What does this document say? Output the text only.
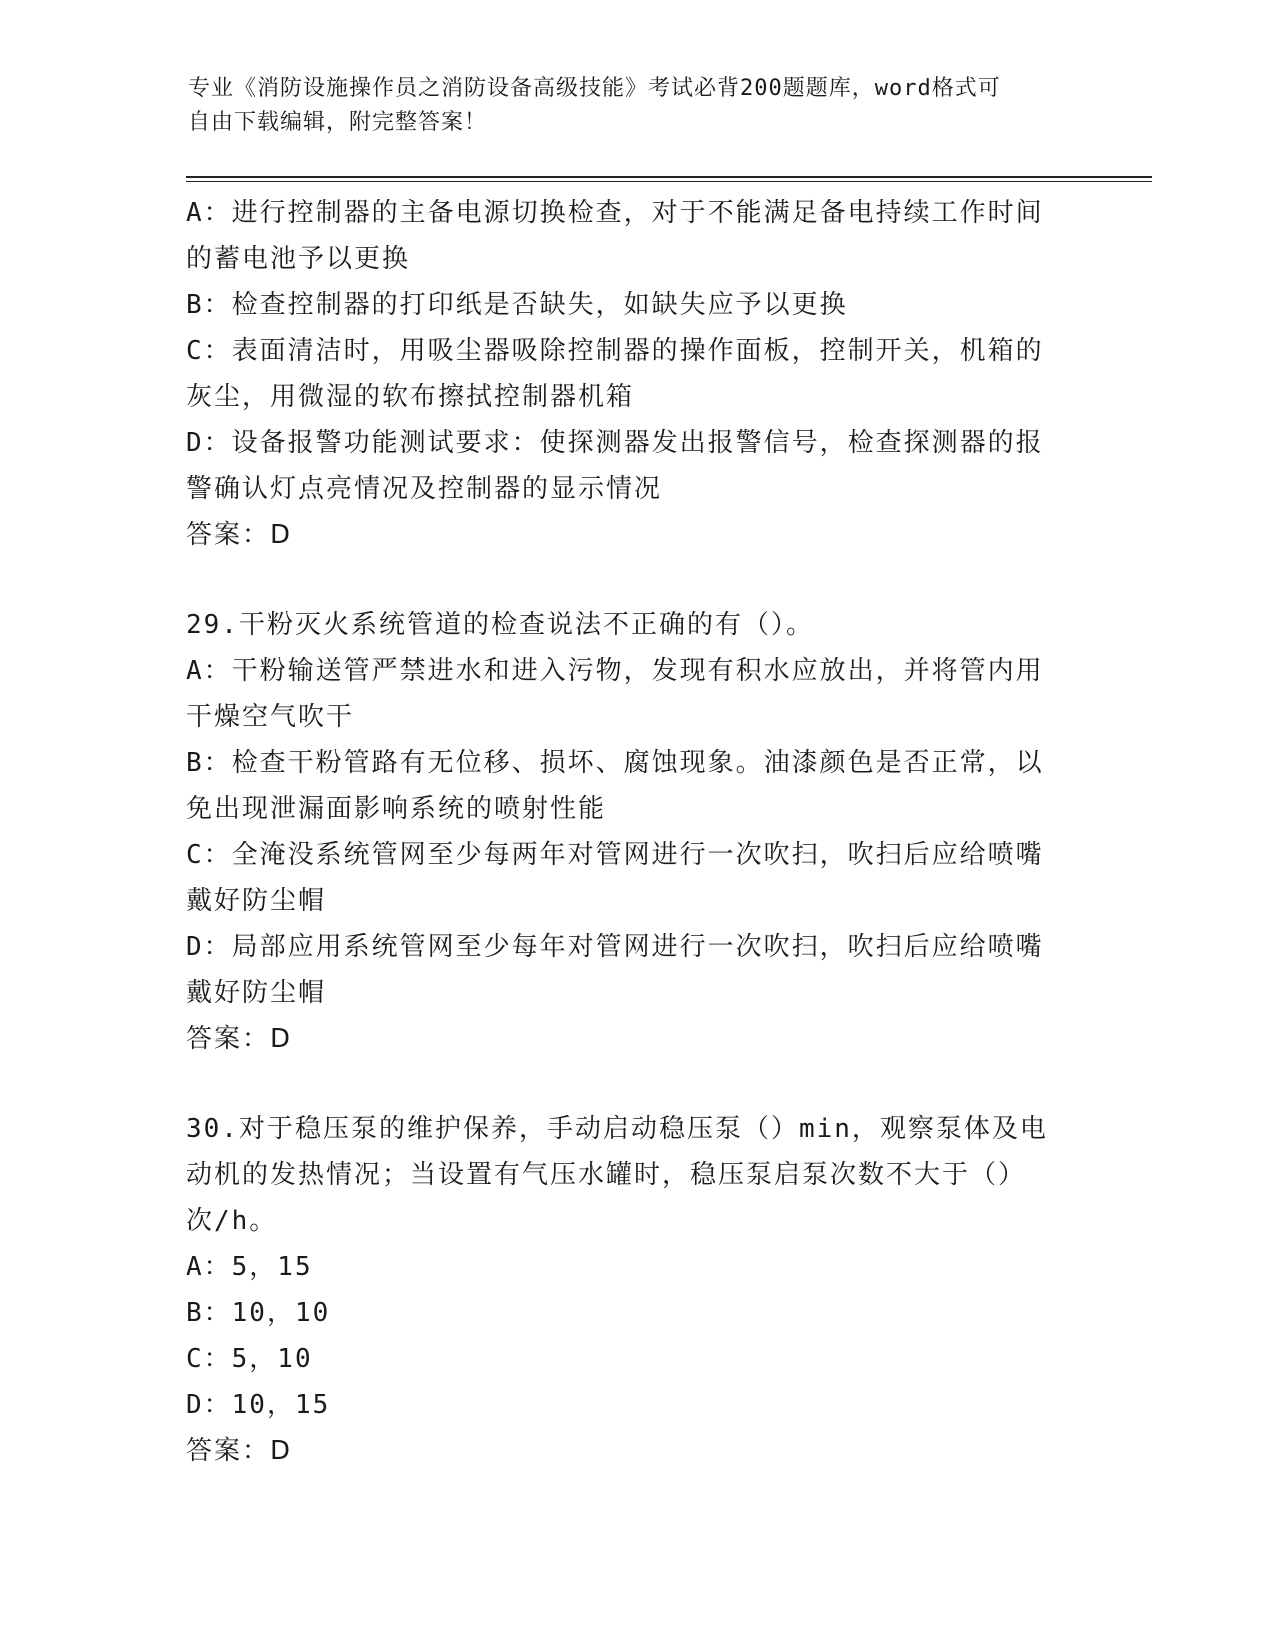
专业《消防设施操作员之消防设备高级技能》考试必背200题题库，word格式可
自由下载编辑，附完整答案！
A：进行控制器的主备电源切换检查，对于不能满足备电持续工作时间
的蓄电池予以更换
B：检查控制器的打印纸是否缺失，如缺失应予以更换
C：表面清洁时，用吸尘器吸除控制器的操作面板，控制开关，机箱的
灰尘，用微湿的软布擦拭控制器机箱
D：设备报警功能测试要求：使探测器发出报警信号，检查探测器的报
警确认灯点亮情况及控制器的显示情况
答案：D
29.干粉灭火系统管道的检查说法不正确的有（）。
A：干粉输送管严禁进水和进入污物，发现有积水应放出，并将管内用
干燥空气吹干
B：检查干粉管路有无位移、损坏、腐蚀现象。油漆颜色是否正常，以
免出现泄漏面影响系统的喷射性能
C：全淹没系统管网至少每两年对管网进行一次吹扫，吹扫后应给喷嘴
戴好防尘帽
D：局部应用系统管网至少每年对管网进行一次吹扫，吹扫后应给喷嘴
戴好防尘帽
答案：D
30.对于稳压泵的维护保养，手动启动稳压泵（）min，观察泵体及电
动机的发热情况；当设置有气压水罐时，稳压泵启泵次数不大于（）
次/h。
A：5，15
B：10，10
C：5，10
D：10，15
答案：D
